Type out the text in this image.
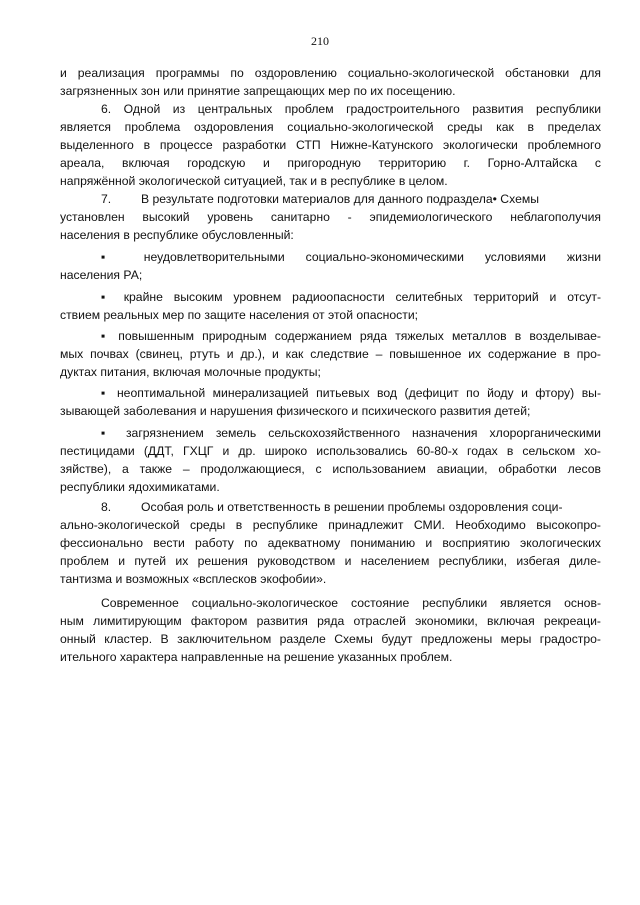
210
и реализация программы по оздоровлению социально-экологической обстановки для
загрязненных зон или принятие запрещающих мер по их посещению.
6. Одной из центральных проблем градостроительного развития республики
является проблема оздоровления социально-экологической среды как в пределах
выделенного в процессе разработки СТП Нижне-Катунского экологически проблемного
ареала, включая городскую и пригородную территорию г. Горно-Алтайска с
напряжённой экологической ситуацией, так и в республике в целом.
7. В результате подготовки материалов для данного подраздела• Схемы
установлен высокий уровень санитарно - эпидемиологического неблагополучия
населения в республике обусловленный:
▪ неудовлетворительными социально-экономическими условиями жизни
населения РА;
▪ крайне высоким уровнем радиоопасности селитебных территорий и отсут-
ствием реальных мер по защите населения от этой опасности;
▪ повышенным природным содержанием ряда тяжелых металлов в возделывае-
мых почвах (свинец, ртуть и др.), и как следствие – повышенное их содержание в про-
дуктах питания, включая молочные продукты;
▪ неоптимальной минерализацией питьевых вод (дефицит по йоду и фтору) вы-
зывающей заболевания и нарушения физического и психического развития детей;
▪ загрязнением земель сельскохозяйственного назначения хлорорганическими
пестицидами (ДДТ, ГХЦГ и др. широко использовались 60-80-х годах в сельском хо-
зяйстве), а также – продолжающиеся, с использованием авиации, обработки лесов
республики ядохимикатами.
8. Особая роль и ответственность в решении проблемы оздоровления соци-
ально-экологической среды в республике принадлежит СМИ. Необходимо высокопро-
фессионально вести работу по адекватному пониманию и восприятию экологических
проблем и путей их решения руководством и населением республики, избегая диле-
тантизма и возможных «всплесков экофобии».
Современное социально-экологическое состояние республики является основ-
ным лимитирующим фактором развития ряда отраслей экономики, включая рекреаци-
онный кластер. В заключительном разделе Схемы будут предложены меры градостро-
ительного характера направленные на решение указанных проблем.
